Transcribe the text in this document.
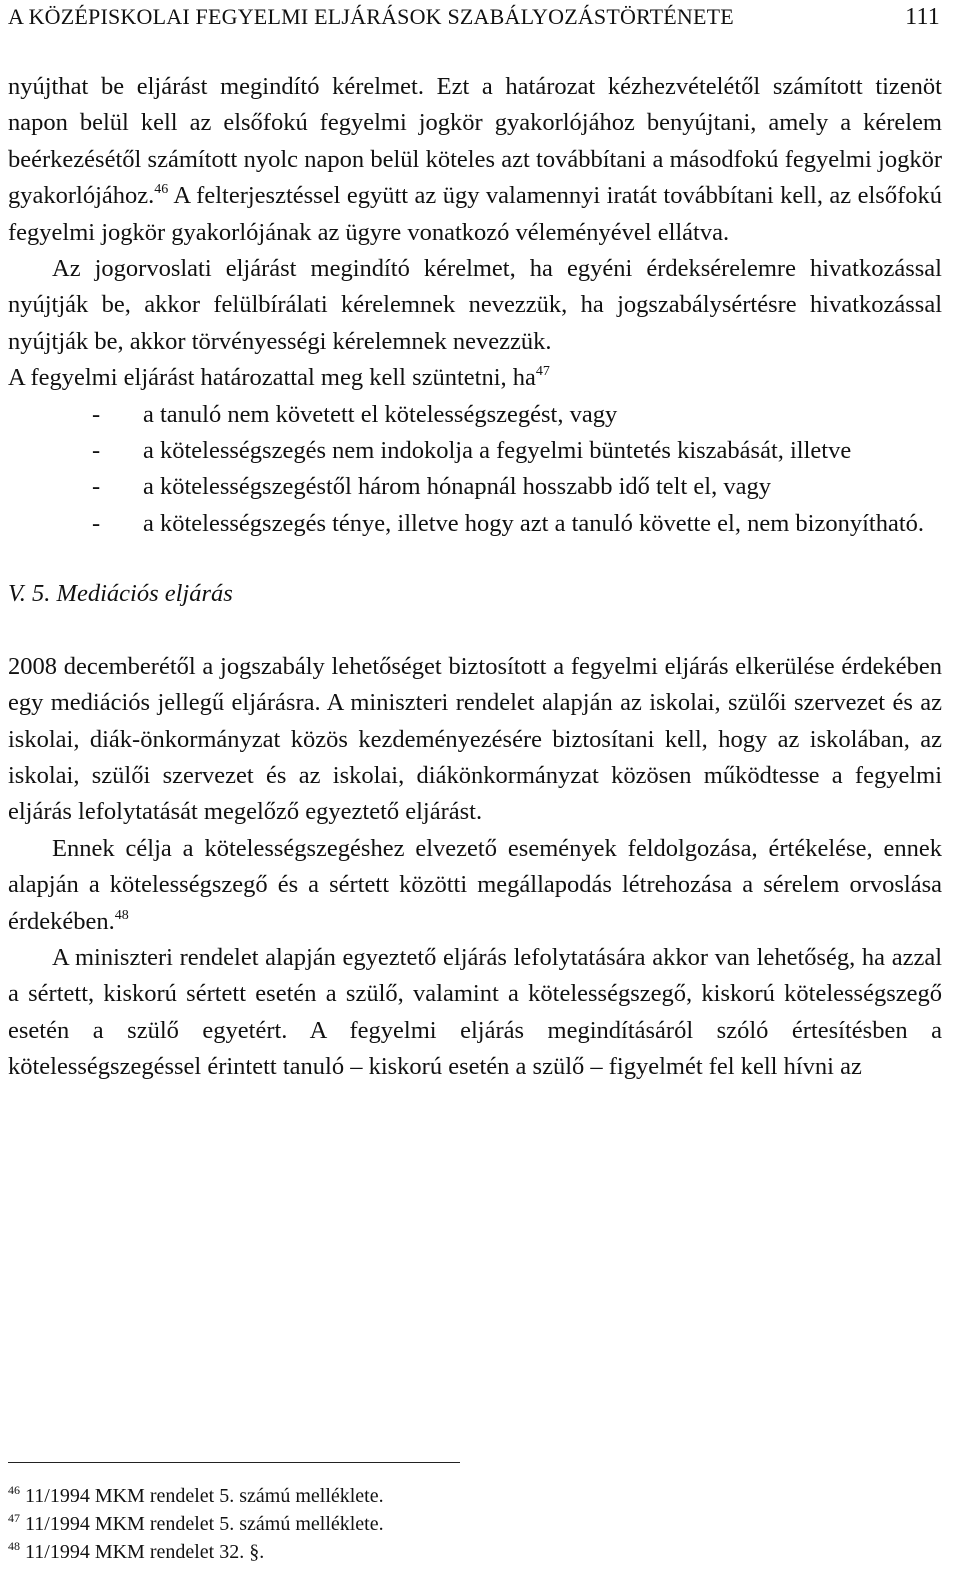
A KÖZÉPISKOLAI FEGYELMI ELJÁRÁSOK SZABÁLYOZÁSTÖRTÉNETE	111

nyújthat be eljárást megindító kérelmet. Ezt a határozat kézhezvételétől számított tizenöt napon belül kell az elsőfokú fegyelmi jogkör gyakorlójához benyújtani, amely a kérelem beérkezésétől számított nyolc napon belül köteles azt továbbítani a másodfokú fegyelmi jogkör gyakorlójához.$^{46}$ A felterjesztéssel együtt az ügy valamennyi iratát továbbítani kell, az elsőfokú fegyelmi jogkör gyakorlójának az ügyre vonatkozó véleményével ellátva.

Az jogorvoslati eljárást megindító kérelmet, ha egyéni érdeksérelemre hivatkozással nyújtják be, akkor felülbírálati kérelemnek nevezzük, ha jogszabálysértésre hivatkozással nyújtják be, akkor törvényességi kérelemnek nevezzük.

A fegyelmi eljárást határozattal meg kell szüntetni, $ha^{47}$

-	a tanuló nem követett el kötelességszegést, vagy
-	a kötelességszegés nem indokolja a fegyelmi büntetés kiszabását, illetve
-	a kötelességszegéstől három hónapnál hosszabb idő telt el, vagy
-	a kötelességszegés ténye, illetve hogy azt a tanuló követte el, nem bizonyítható.
V. 5. Mediációs eljárás

2008 decemberétől a jogszabály lehetőséget biztosított a fegyelmi eljárás elkerülése érdekében egy mediációs jellegű eljárásra. A miniszteri rendelet alapján az iskolai, szülői szervezet és az iskolai, diák-önkormányzat közös kezdeményezésére biztosítani kell, hogy az iskolában, az iskolai, szülői szervezet és az iskolai, diákönkormányzat közösen működtesse a fegyelmi eljárás lefolytatását megelőző egyeztető eljárást.

Ennek célja a kötelességszegéshez elvezető események feldolgozása, értékelése, ennek alapján a kötelességszegő és a sértett közötti megállapodás létrehozása a sérelem orvoslása érdekében.$^{48}$

A miniszteri rendelet alapján egyeztető eljárás lefolytatására akkor van lehetőség, ha azzal a sértett, kiskorú sértett esetén a szülő, valamint a kötelességszegő, kiskorú kötelességszegő esetén a szülő egyetért. A fegyelmi eljárás megindításáról szóló értesítésben a kötelességszegéssel érintett tanuló – kiskorú esetén a szülő – figyelmét fel kell hívni az

$^{46}$ 11/1994 MKM rendelet 5. számú melléklete.
$^{47}$ 11/1994 MKM rendelet 5. számú melléklete.
$^{48}$ 11/1994 MKM rendelet 32. §.
